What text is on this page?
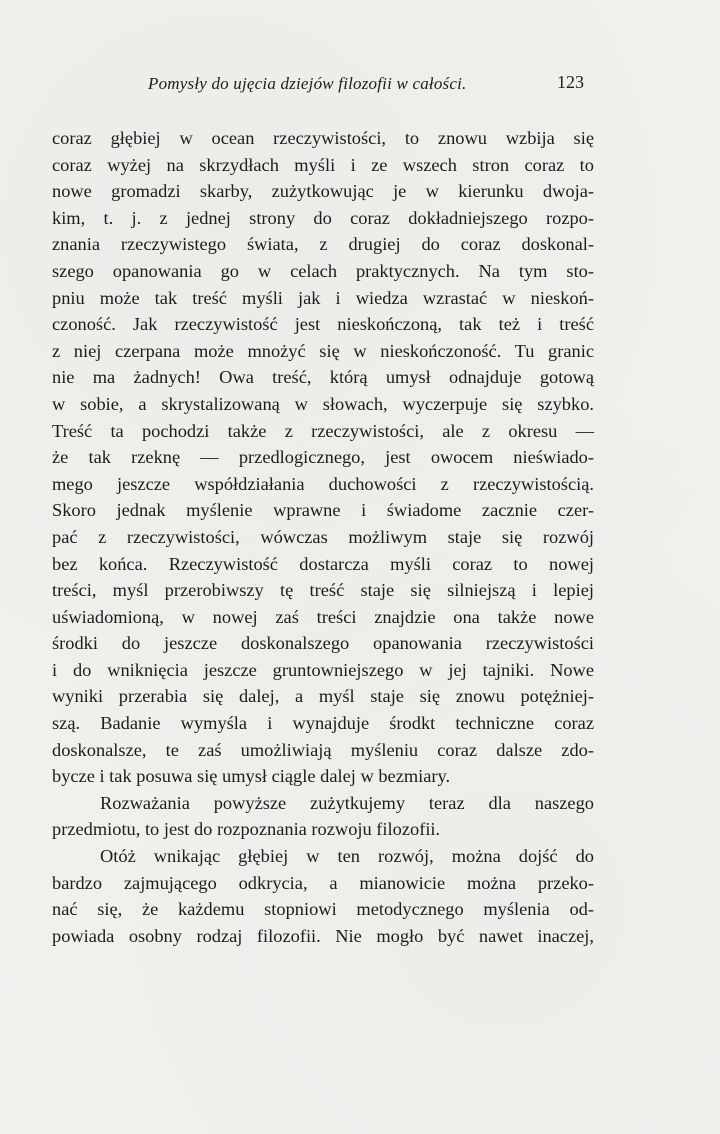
Pomysły do ujęcia dziejów filozofii w całości.	123
coraz głębiej w ocean rzeczywistości, to znowu wzbija się
coraz wyżej na skrzydłach myśli i ze wszech stron coraz to
nowe gromadzi skarby, zużytkowując je w kierunku dwoja-
kim, t. j. z jednej strony do coraz dokładniejszego rozpo-
znania rzeczywistego świata, z drugiej do coraz doskonal-
szego opanowania go w celach praktycznych. Na tym sto-
pniu może tak treść myśli jak i wiedza wzrastać w nieskoń-
czoność. Jak rzeczywistość jest nieskończoną, tak też i treść
z niej czerpana może mnożyć się w nieskończoność. Tu granic
nie ma żadnych! Owa treść, którą umysł odnajduje gotową
w sobie, a skrystalizowaną w słowach, wyczerpuje się szybko.
Treść ta pochodzi także z rzeczywistości, ale z okresu —
że tak rzeknę — przedlogicznego, jest owocem nieświado-
mego jeszcze współdziałania duchowości z rzeczywistością.
Skoro jednak myślenie wprawne i świadome zacznie czer-
pać z rzeczywistości, wówczas możliwym staje się rozwój
bez końca. Rzeczywistość dostarcza myśli coraz to nowej
treści, myśl przerobiwszy tę treść staje się silniejszą i lepiej
uświadomioną, w nowej zaś treści znajdzie ona także nowe
środki do jeszcze doskonalszego opanowania rzeczywistości
i do wniknięcia jeszcze gruntowniejszego w jej tajniki. Nowe
wyniki przerabia się dalej, a myśl staje się znowu potężniej-
szą. Badanie wymyśla i wynajduje środkt techniczne coraz
doskonalsze, te zaś umożliwiają myśleniu coraz dalsze zdo-
bycze i tak posuwa się umysł ciągle dalej w bezmiary.
Rozważania powyższe zużytkujemy teraz dla naszego
przedmiotu, to jest do rozpoznania rozwoju filozofii.
Otóż wnikając głębiej w ten rozwój, można dojść do
bardzo zajmującego odkrycia, a mianowicie można przeko-
nać się, że każdemu stopniowi metodycznego myślenia od-
powiada osobny rodzaj filozofii. Nie mogło być nawet inaczej,
